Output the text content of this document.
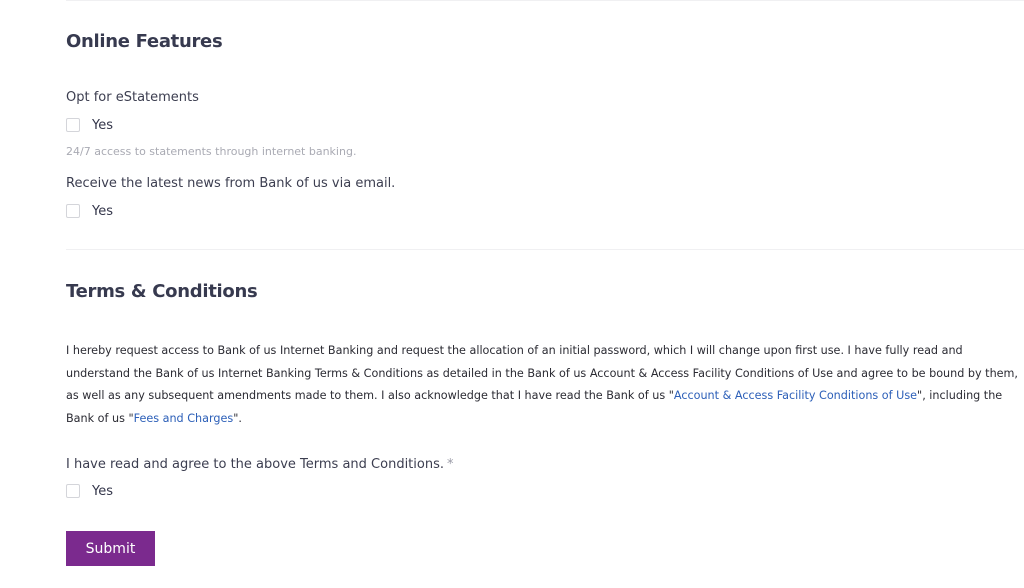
Online Features
Opt for eStatements
Yes
24/7 access to statements through internet banking.
Receive the latest news from Bank of us via email.
Yes
Terms & Conditions

I hereby request access to Bank of us Internet Banking and request the allocation of an initial password, which I will change upon first use. I have fully read and understand the Bank of us Internet Banking Terms & Conditions as detailed in the Bank of us Account & Access Facility Conditions of Use and agree to be bound by them, as well as any subsequent amendments made to them. I also acknowledge that I have read the Bank of us "Account & Access Facility Conditions of Use", including the Bank of us "Fees and Charges".

I have read and agree to the above Terms and Conditions. *
Yes
Submit
